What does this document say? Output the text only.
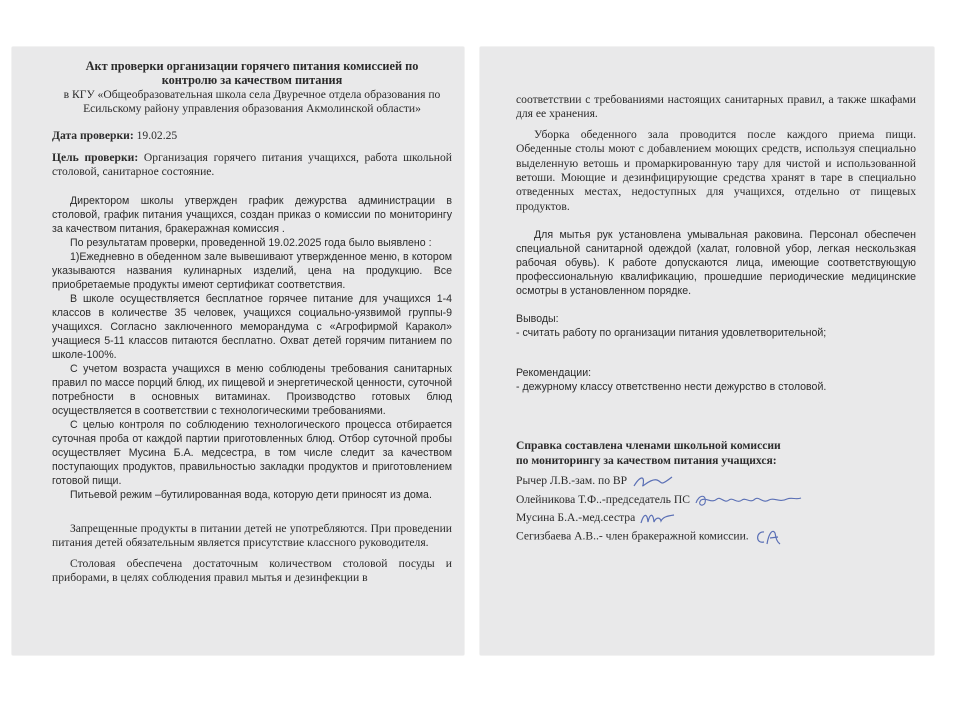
Акт проверки организации горячего питания комиссией по

контролю за качеством питания

в КГУ «Общеобразовательная школа села Двуречное отдела образования по

Есильскому району управления образования Акмолинской области»

Дата проверки: 19.02.25

Цель проверки: Организация горячего питания учащихся, работа школьной столовой, санитарное состояние.

Директором школы утвержден график дежурства администрации в столовой, график питания учащихся, создан приказ о комиссии по мониторингу за качеством питания, бракеражная комиссия .

По результатам проверки, проведенной 19.02.2025 года было выявлено :

1)Ежедневно в обеденном зале вывешивают утвержденное меню, в котором указываются названия кулинарных изделий, цена на продукцию. Все приобретаемые продукты имеют сертификат соответствия.

В школе осуществляется бесплатное горячее питание для учащихся 1-4 классов в количестве 35 человек, учащихся социально-уязвимой группы-9 учащихся. Согласно заключенного меморандума с «Агрофирмой Каракол» учащиеся 5-11 классов питаются бесплатно. Охват детей горячим питанием по школе-100%.

С учетом возраста учащихся в меню соблюдены требования санитарных правил по массе порций блюд, их пищевой и энергетической ценности, суточной потребности в основных витаминах. Производство готовых блюд осуществляется в соответствии с технологическими требованиями.

С целью контроля по соблюдению технологического процесса отбирается суточная проба от каждой партии приготовленных блюд. Отбор суточной пробы осуществляет Мусина Б.А. медсестра, в том числе следит за качеством поступающих продуктов, правильностью закладки продуктов и приготовлением готовой пищи.

Питьевой режим –бутилированная вода, которую дети приносят из дома.

Запрещенные продукты в питании детей не употребляются. При проведении питания детей обязательным является присутствие классного руководителя.

Столовая обеспечена достаточным количеством столовой посуды и приборами, в целях соблюдения правил мытья и дезинфекции в

соответствии с требованиями настоящих санитарных правил, а также шкафами для ее хранения.

Уборка обеденного зала проводится после каждого приема пищи. Обеденные столы моют с добавлением моющих средств, используя специально выделенную ветошь и промаркированную тару для чистой и использованной ветоши. Моющие и дезинфицирующие средства хранят в таре в специально отведенных местах, недоступных для учащихся, отдельно от пищевых продуктов.

Для мытья рук установлена умывальная раковина. Персонал обеспечен специальной санитарной одеждой (халат, головной убор, легкая нескользкая рабочая обувь). К работе допускаются лица, имеющие соответствующую профессиональную квалификацию, прошедшие периодические медицинские осмотры в установленном порядке.

Выводы:

- считать работу по организации питания удовлетворительной;

Рекомендации:

- дежурному классу ответственно нести дежурство в столовой.

Справка составлена членами школьной комиссии

по мониторингу за качеством питания учащихся:

Рычер Л.В.-зам. по ВР
Олейникова Т.Ф..-председатель ПС
Мусина Б.А.-мед.сестра
Сегизбаева А.В..- член бракеражной комиссии.
